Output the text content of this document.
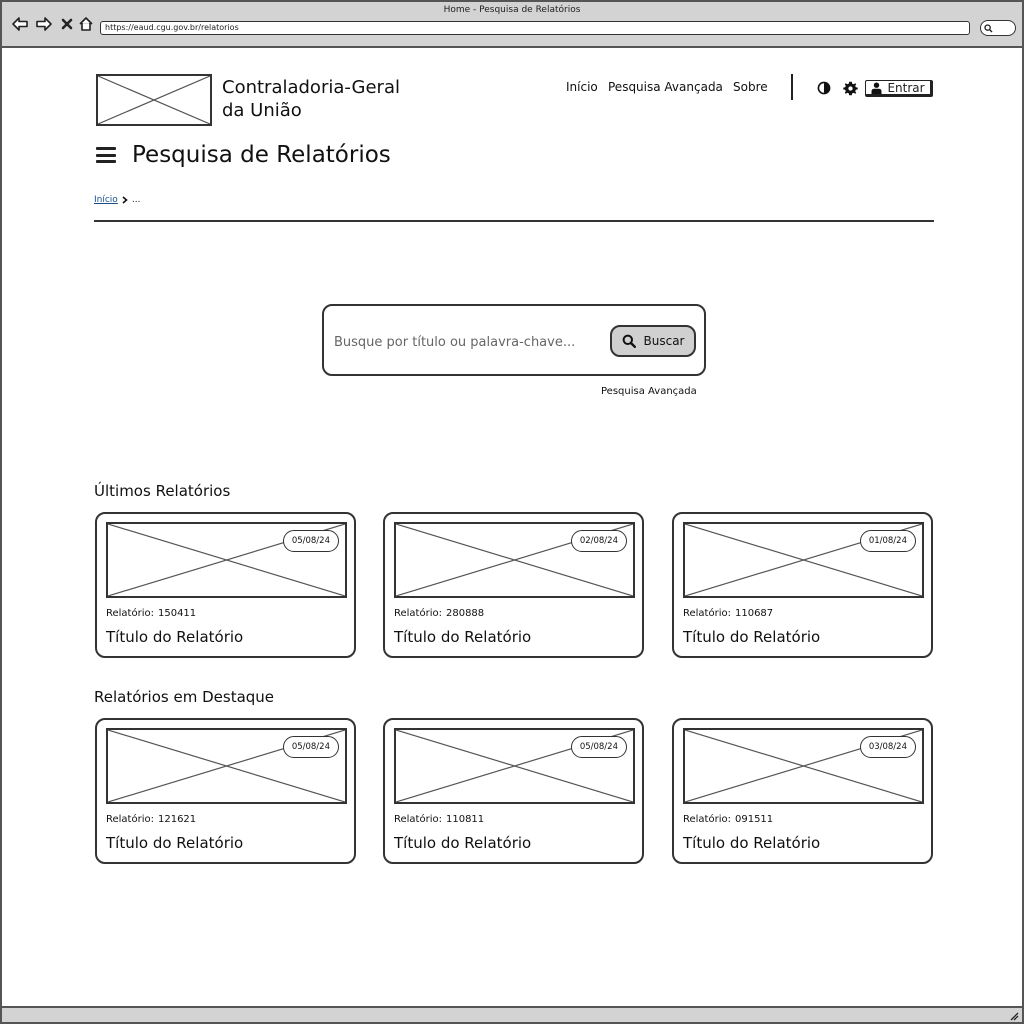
Home - Pesquisa de Relatórios
https://eaud.cgu.gov.br/relatorios
Contraladoria-Geral
da União
Início Pesquisa Avançada Sobre	Entrar
Pesquisa de Relatórios
Início ...
Busque por título ou palavra-chave...
Buscar
Pesquisa Avançada
Últimos Relatórios
05/08/24
Relatório: 150411
Título do Relatório
02/08/24
Relatório: 280888
Título do Relatório
01/08/24
Relatório: 110687
Título do Relatório
Relatórios em Destaque
05/08/24
Relatório: 121621
Título do Relatório
05/08/24
Relatório: 110811
Título do Relatório
03/08/24
Relatório: 091511
Título do Relatório
